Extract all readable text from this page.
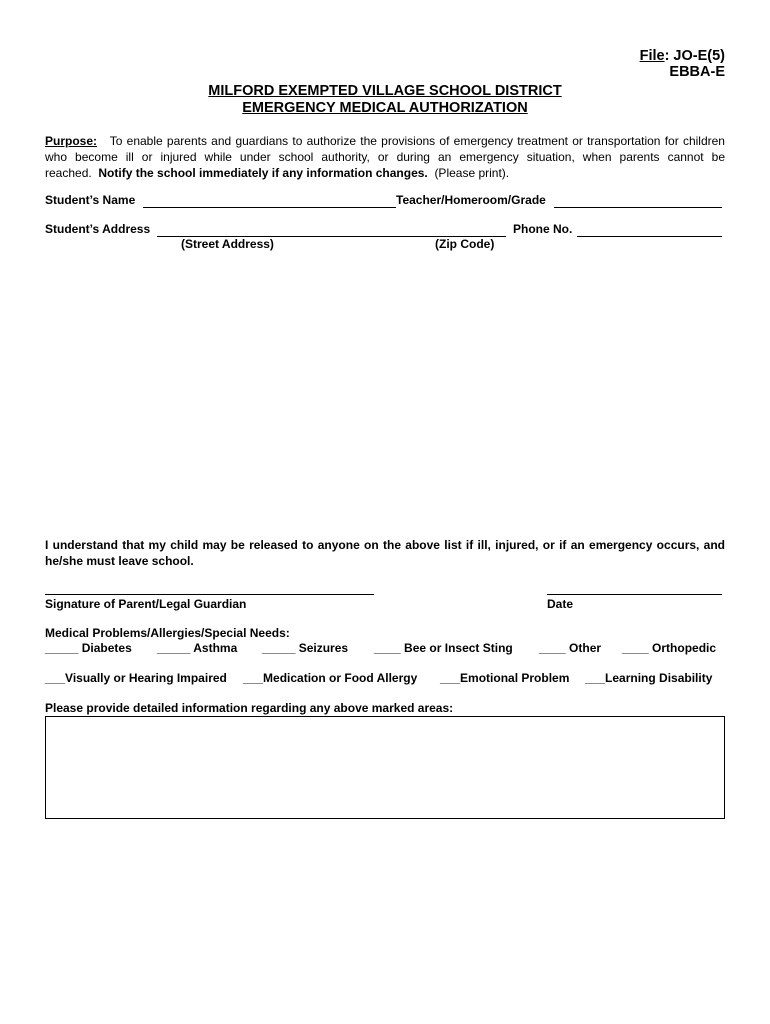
File: JO-E(5)
EBBA-E
MILFORD EXEMPTED VILLAGE SCHOOL DISTRICT
EMERGENCY MEDICAL AUTHORIZATION
Purpose: To enable parents and guardians to authorize the provisions of emergency treatment or transportation for children who become ill or injured while under school authority, or during an emergency situation, when parents cannot be reached. Notify the school immediately if any information changes. (Please print).
Student’s Name	Teacher/Homeroom/Grade
Student’s Address	Phone No.
(Street Address)	(Zip Code)
I understand that my child may be released to anyone on the above list if ill, injured, or if an emergency occurs, and he/she must leave school.
Signature of Parent/Legal Guardian	Date
Medical Problems/Allergies/Special Needs:
_____ Diabetes _____ Asthma _____ Seizures ____ Bee or Insect Sting ____ Other ____ Orthopedic
___Visually or Hearing Impaired ___Medication or Food Allergy ___Emotional Problem ___Learning Disability
Please provide detailed information regarding any above marked areas:
